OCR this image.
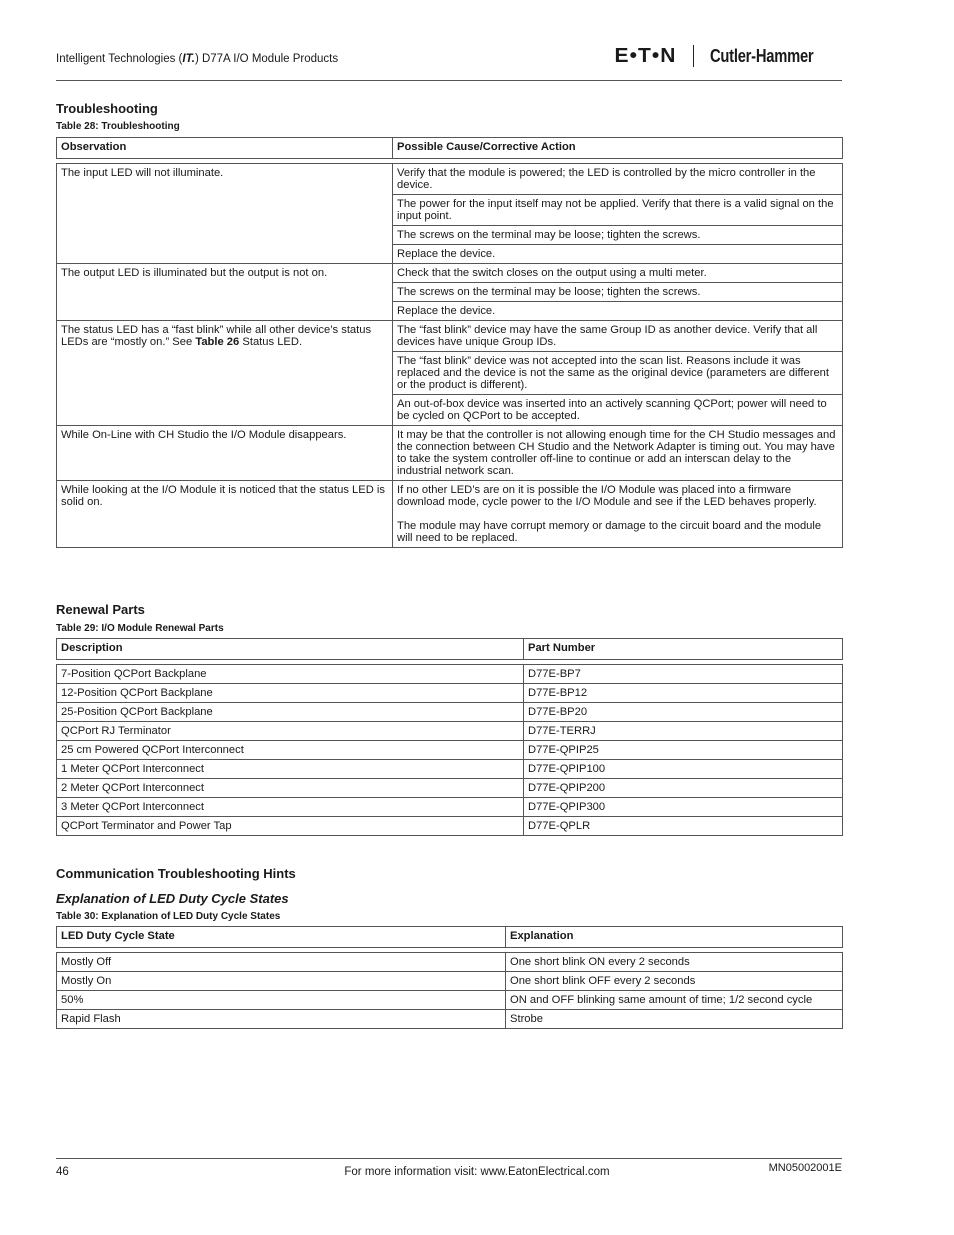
Intelligent Technologies (IT.) D77A I/O Module Products	E•T•N Cutler-Hammer
Troubleshooting
Table 28: Troubleshooting
Observation	Possible Cause/Corrective Action

The input LED will not illuminate.	Verify that the module is powered; the LED is controlled by the micro controller in the device.
	The power for the input itself may not be applied. Verify that there is a valid signal on the input point.
	The screws on the terminal may be loose; tighten the screws.
	Replace the device.
The output LED is illuminated but the output is not on.	Check that the switch closes on the output using a multi meter.
	The screws on the terminal may be loose; tighten the screws.
	Replace the device.
The status LED has a “fast blink” while all other device’s status LEDs are “mostly on.” See Table 26 Status LED.	The “fast blink” device may have the same Group ID as another device. Verify that all devices have unique Group IDs.
	The “fast blink” device was not accepted into the scan list. Reasons include it was replaced and the device is not the same as the original device (parameters are different or the product is different).
	An out-of-box device was inserted into an actively scanning QCPort; power will need to be cycled on QCPort to be accepted.
While On-Line with CH Studio the I/O Module disappears.	It may be that the controller is not allowing enough time for the CH Studio messages and the connection between CH Studio and the Network Adapter is timing out. You may have to take the system controller off-line to continue or add an interscan delay to the industrial network scan.
While looking at the I/O Module it is noticed that the status LED is solid on.	If no other LED’s are on it is possible the I/O Module was placed into a firmware download mode, cycle power to the I/O Module and see if the LED behaves properly.
The module may have corrupt memory or damage to the circuit board and the module will need to be replaced.
Renewal Parts
Table 29: I/O Module Renewal Parts
Description	Part Number

7-Position QCPort Backplane	D77E-BP7
12-Position QCPort Backplane	D77E-BP12
25-Position QCPort Backplane	D77E-BP20
QCPort RJ Terminator	D77E-TERRJ
25 cm Powered QCPort Interconnect	D77E-QPIP25
1 Meter QCPort Interconnect	D77E-QPIP100
2 Meter QCPort Interconnect	D77E-QPIP200
3 Meter QCPort Interconnect	D77E-QPIP300
QCPort Terminator and Power Tap	D77E-QPLR
Communication Troubleshooting Hints
Explanation of LED Duty Cycle States
Table 30: Explanation of LED Duty Cycle States
LED Duty Cycle State	Explanation

Mostly Off	One short blink ON every 2 seconds
Mostly On	One short blink OFF every 2 seconds
50%	ON and OFF blinking same amount of time; 1/2 second cycle
Rapid Flash	Strobe
46	For more information visit: www.EatonElectrical.com	MN05002001E
